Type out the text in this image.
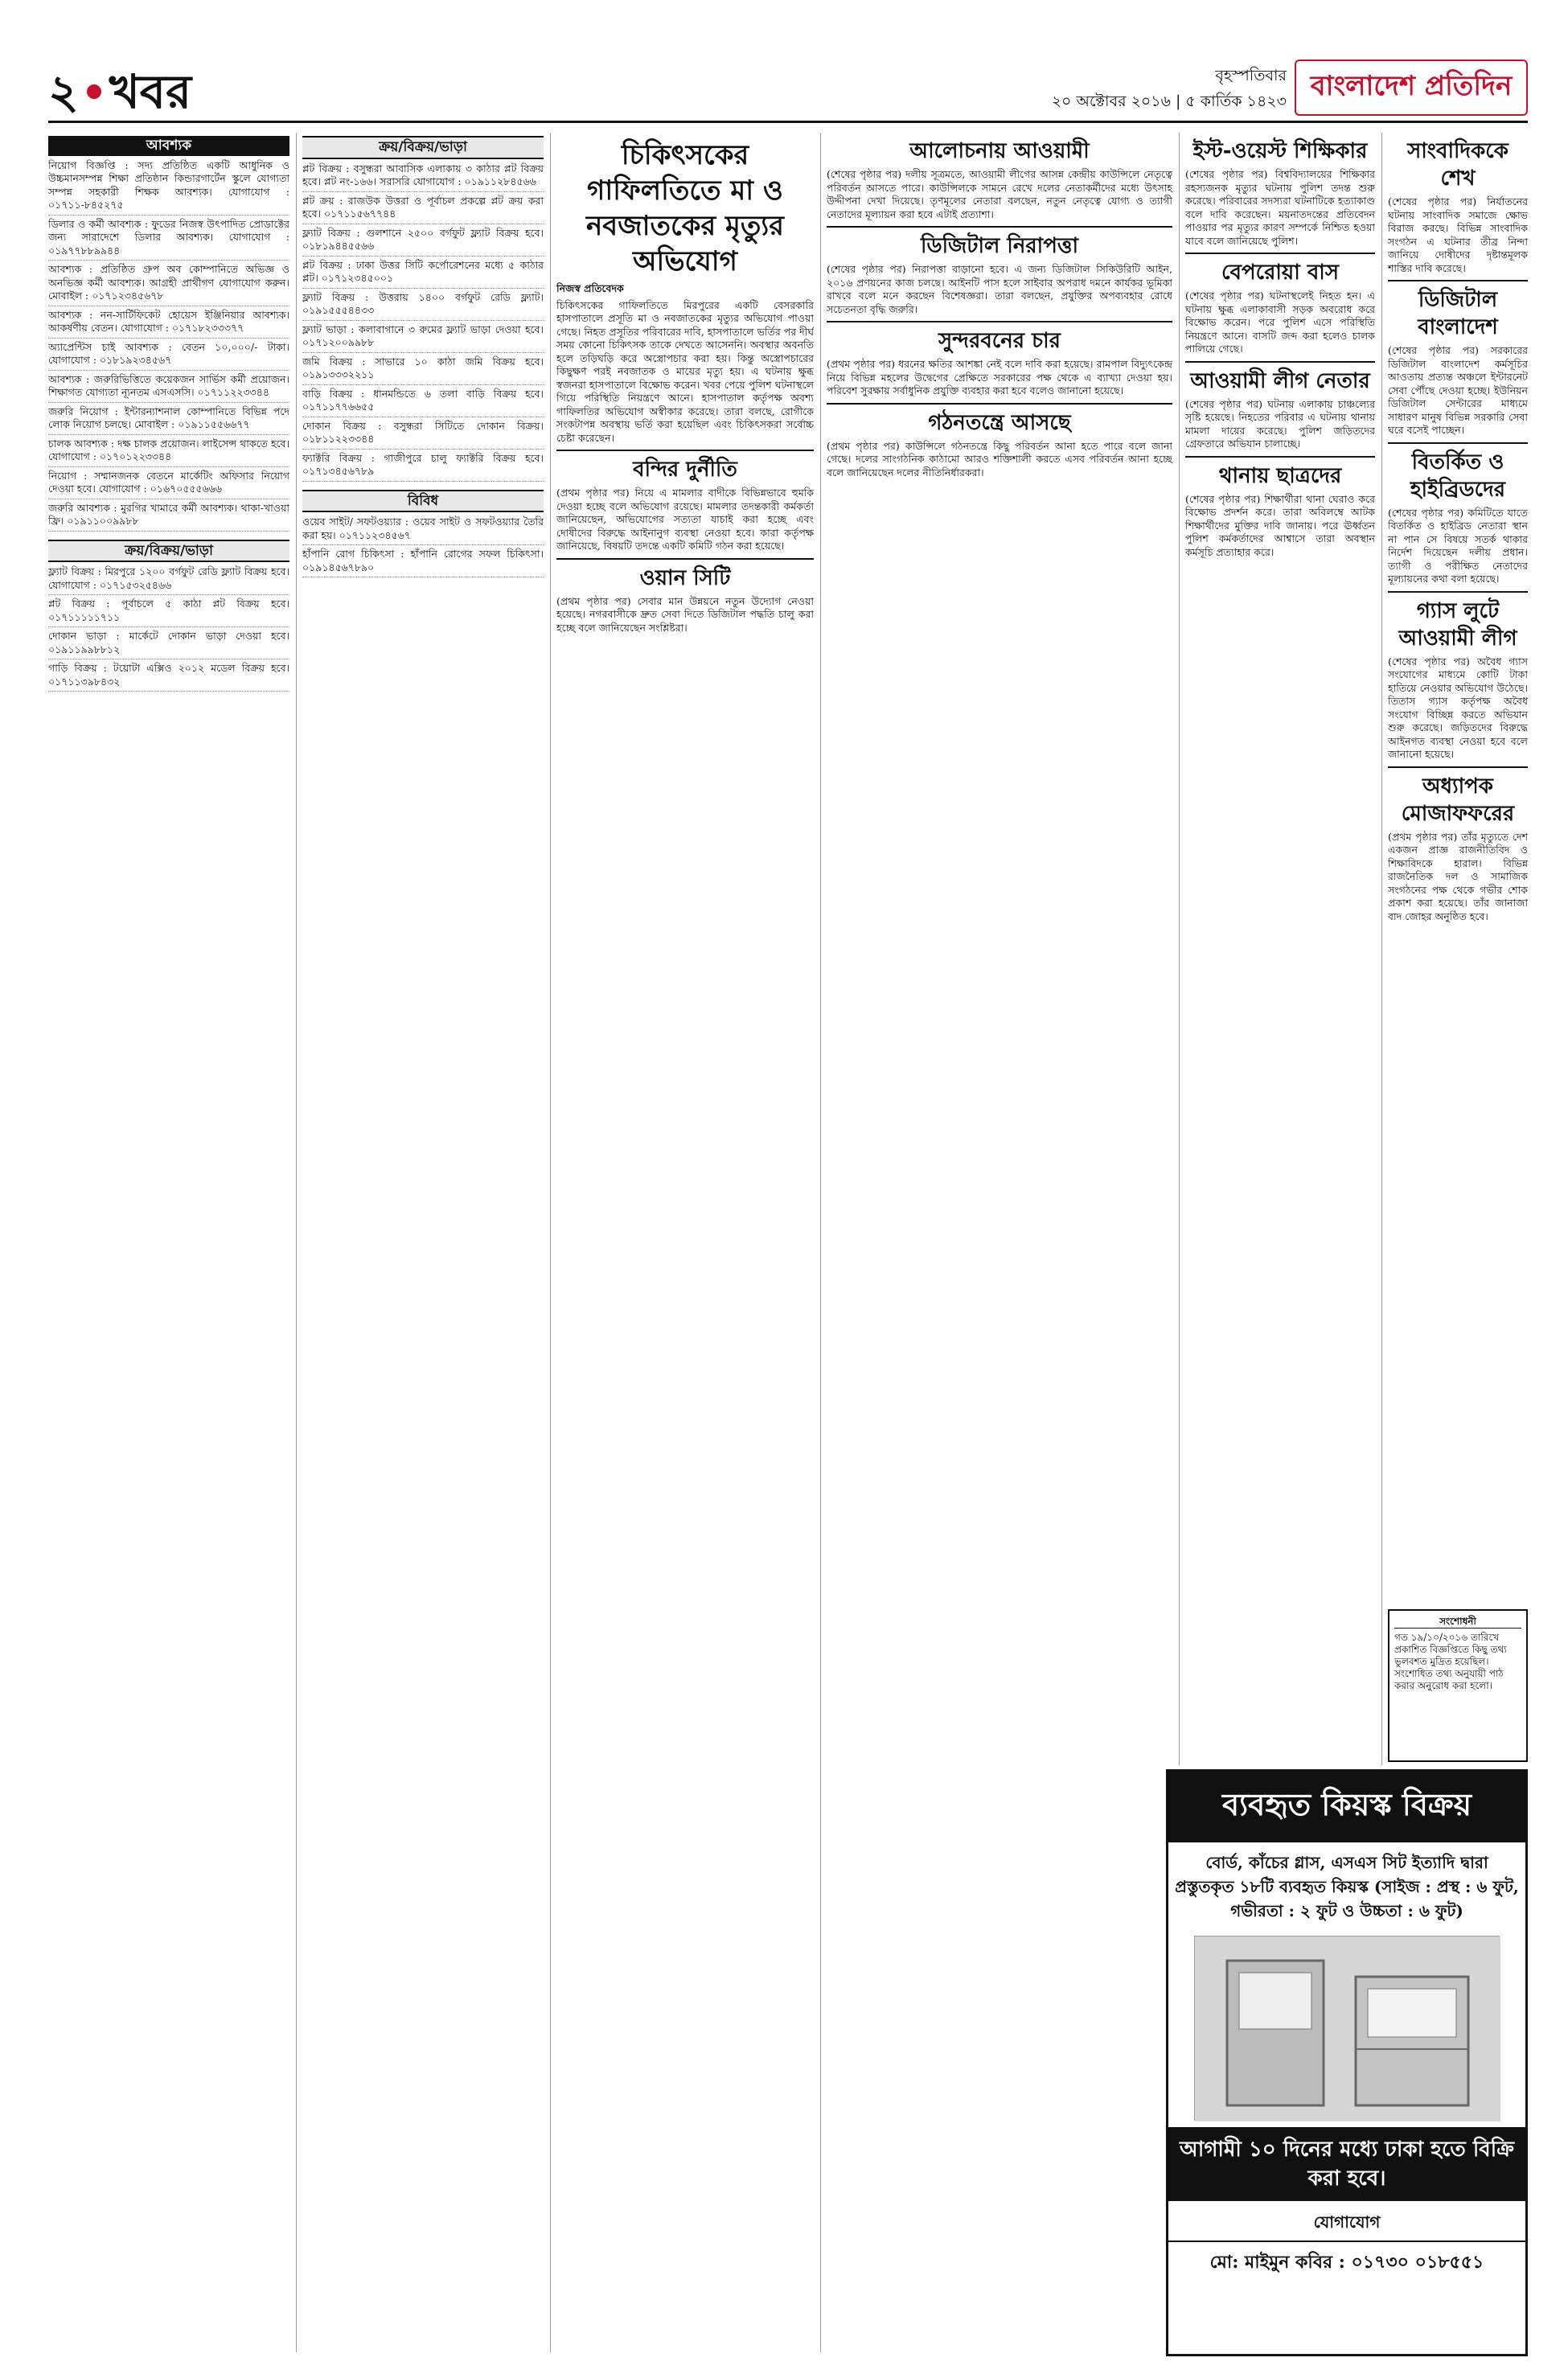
২ খবর	বৃহস্পতিবার
২০ অক্টোবর ২০১৬ | ৫ কার্তিক ১৪২৩ বাংলাদেশ প্রতিদিন
আবশ্যক

নিয়োগ বিজ্ঞপ্তি : সদ্য প্রতিষ্ঠিত একটি আধুনিক ও উচ্চমানসম্পন্ন শিক্ষা প্রতিষ্ঠান কিন্ডারগার্টেন স্কুলে যোগ্যতা সম্পন্ন সহকারী শিক্ষক আবশ্যক। যোগাযোগ : ০১৭১১-৮৪৫২৭৫

ডিলার ও কর্মী আবশ্যক : ফুডের নিজস্ব উৎপাদিত প্রোডাক্টের জন্য সারাদেশে ডিলার আবশ্যক। যোগাযোগ : ০১৯৭৭৮৮৯৯৪৪

আবশ্যক : প্রতিষ্ঠিত গ্রুপ অব কোম্পানিতে অভিজ্ঞ ও অনভিজ্ঞ কর্মী আবশ্যক। আগ্রহী প্রার্থীগণ যোগাযোগ করুন। মোবাইল : ০১৭১২৩৪৫৬৭৮

আবশ্যক : নন-সার্টিফিকেট হোয়েস ইঞ্জিনিয়ার আবশ্যক। আকর্ষণীয় বেতন। যোগাযোগ : ০১৭১৮২৩৩৩৭৭

অ্যাপ্রেন্টিস চাই আবশ্যক : বেতন ১০,০০০/- টাকা। যোগাযোগ : ০১৮১৯২৩৪৫৬৭

আবশ্যক : জরুরিভিত্তিতে কয়েকজন সার্ভিস কর্মী প্রয়োজন। শিক্ষাগত যোগ্যতা ন্যূনতম এসএসসি। ০১৭১১২২৩৩৪৪

জরুরি নিয়োগ : ইন্টারন্যাশনাল কোম্পানিতে বিভিন্ন পদে লোক নিয়োগ চলছে। মোবাইল : ০১৯১১৫৫৬৬৭৭

চালক আবশ্যক : দক্ষ চালক প্রয়োজন। লাইসেন্স থাকতে হবে। যোগাযোগ : ০১৭০১২২৩৩৪৪

নিয়োগ : সম্মানজনক বেতনে মার্কেটিং অফিসার নিয়োগ দেওয়া হবে। যোগাযোগ : ০১৬৭০৫৫৫৬৬৬

জরুরি আবশ্যক : মুরগির খামারে কর্মী আবশ্যক। থাকা-খাওয়া ফ্রি। ০১৯১১০০৯৯৮৮

ক্রয়/বিক্রয়/ভাড়া

ফ্ল্যাট বিক্রয় : মিরপুরে ১২০০ বর্গফুট রেডি ফ্ল্যাট বিক্রয় হবে। যোগাযোগ : ০১৭১৫৩২৫৪৬৬

প্লট বিক্রয় : পূর্বাচলে ৫ কাঠা প্লট বিক্রয় হবে। ০১৭১১১১১৭১১

দোকান ভাড়া : মার্কেটে দোকান ভাড়া দেওয়া হবে। ০১৯১১৯৯৮৮১২

গাড়ি বিক্রয় : টয়োটা এক্সিও ২০১২ মডেল বিক্রয় হবে। ০১৭১১৩৯৮৪৩২

ক্রয়/বিক্রয়/ভাড়া

প্লট বিক্রয় : বসুন্ধরা আবাসিক এলাকায় ৩ কাঠার প্লট বিক্রয় হবে। প্লট নং-১৬৬। সরাসরি যোগাযোগ : ০১৯১১২৮৪৫৬৬

প্লট ক্রয় : রাজউক উত্তরা ও পূর্বাচল প্রকল্পে প্লট ক্রয় করা হবে। ০১৭১১৫৬৭৭৪৪

ফ্ল্যাট বিক্রয় : গুলশানে ২৫০০ বর্গফুট ফ্ল্যাট বিক্রয় হবে। ০১৮১৯৪৪৫৫৬৬

প্লট বিক্রয় : ঢাকা উত্তর সিটি কর্পোরেশনের মধ্যে ৫ কাঠার প্লট। ০১৭১২৩৪৫০০১

ফ্ল্যাট বিক্রয় : উত্তরায় ১৪০০ বর্গফুট রেডি ফ্ল্যাট। ০১৯১৫৫৫৪৪৩৩

ফ্ল্যাট ভাড়া : কলাবাগানে ৩ রুমের ফ্ল্যাট ভাড়া দেওয়া হবে। ০১৭১২০০৯৯৮৮

জমি বিক্রয় : সাভারে ১০ কাঠা জমি বিক্রয় হবে। ০১৯১৩৩৩২২১১

বাড়ি বিক্রয় : ধানমন্ডিতে ৬ তলা বাড়ি বিক্রয় হবে। ০১৭১১৭৭৬৬৫৫

দোকান বিক্রয় : বসুন্ধরা সিটিতে দোকান বিক্রয়। ০১৮১১২২৩৩৪৪

ফ্যাক্টরি বিক্রয় : গাজীপুরে চালু ফ্যাক্টরি বিক্রয় হবে। ০১৭১৩৪৫৬৭৮৯

বিবিধ

ওয়েব সাইট/ সফটওয়্যার : ওয়েব সাইট ও সফটওয়্যার তৈরি করা হয়। ০১৭১১২৩৪৫৬৭

হাঁপানি রোগ চিকিৎসা : হাঁপানি রোগের সফল চিকিৎসা। ০১৯১৪৫৬৭৮৯০

চিকিৎসকের গাফিলতিতে মা ও নবজাতকের মৃত্যুর অভিযোগ
নিজস্ব প্রতিবেদক
চিকিৎসকের গাফিলতিতে মিরপুরের একটি বেসরকারি হাসপাতালে প্রসূতি মা ও নবজাতকের মৃত্যুর অভিযোগ পাওয়া গেছে। নিহত প্রসূতির পরিবারের দাবি, হাসপাতালে ভর্তির পর দীর্ঘ সময় কোনো চিকিৎসক তাকে দেখতে আসেননি। অবস্থার অবনতি হলে তড়িঘড়ি করে অস্ত্রোপচার করা হয়। কিন্তু অস্ত্রোপচারের কিছুক্ষণ পরই নবজাতক ও মায়ের মৃত্যু হয়। এ ঘটনায় ক্ষুব্ধ স্বজনরা হাসপাতালে বিক্ষোভ করেন। খবর পেয়ে পুলিশ ঘটনাস্থলে গিয়ে পরিস্থিতি নিয়ন্ত্রণে আনে। হাসপাতাল কর্তৃপক্ষ অবশ্য গাফিলতির অভিযোগ অস্বীকার করেছে। তারা বলছে, রোগীকে সংকটাপন্ন অবস্থায় ভর্তি করা হয়েছিল এবং চিকিৎসকরা সর্বোচ্চ চেষ্টা করেছেন।
বন্দির দুর্নীতি
(প্রথম পৃষ্ঠার পর) নিয়ে এ মামলার বাদীকে বিভিন্নভাবে হুমকি দেওয়া হচ্ছে বলে অভিযোগ রয়েছে। মামলার তদন্তকারী কর্মকর্তা জানিয়েছেন, অভিযোগের সত্যতা যাচাই করা হচ্ছে এবং দোষীদের বিরুদ্ধে আইনানুগ ব্যবস্থা নেওয়া হবে। কারা কর্তৃপক্ষ জানিয়েছে, বিষয়টি তদন্তে একটি কমিটি গঠন করা হয়েছে।
ওয়ান সিটি
(প্রথম পৃষ্ঠার পর) সেবার মান উন্নয়নে নতুন উদ্যোগ নেওয়া হয়েছে। নগরবাসীকে দ্রুত সেবা দিতে ডিজিটাল পদ্ধতি চালু করা হচ্ছে বলে জানিয়েছেন সংশ্লিষ্টরা।
আলোচনায় আওয়ামী
(শেষের পৃষ্ঠার পর) দলীয় সূত্রমতে, আওয়ামী লীগের আসন্ন কেন্দ্রীয় কাউন্সিলে নেতৃত্বে পরিবর্তন আসতে পারে। কাউন্সিলকে সামনে রেখে দলের নেতাকর্মীদের মধ্যে উৎসাহ উদ্দীপনা দেখা দিয়েছে। তৃণমূলের নেতারা বলছেন, নতুন নেতৃত্বে যোগ্য ও ত্যাগী নেতাদের মূল্যায়ন করা হবে এটাই প্রত্যাশা।
ডিজিটাল নিরাপত্তা
(শেষের পৃষ্ঠার পর) নিরাপত্তা বাড়ানো হবে। এ জন্য ডিজিটাল সিকিউরিটি আইন, ২০১৬ প্রণয়নের কাজ চলছে। আইনটি পাস হলে সাইবার অপরাধ দমনে কার্যকর ভূমিকা রাখবে বলে মনে করছেন বিশেষজ্ঞরা। তারা বলছেন, প্রযুক্তির অপব্যবহার রোধে সচেতনতা বৃদ্ধি জরুরি।
সুন্দরবনের চার
(প্রথম পৃষ্ঠার পর) ধরনের ক্ষতির আশঙ্কা নেই বলে দাবি করা হয়েছে। রামপাল বিদ্যুৎকেন্দ্র নিয়ে বিভিন্ন মহলের উদ্বেগের প্রেক্ষিতে সরকারের পক্ষ থেকে এ ব্যাখ্যা দেওয়া হয়। পরিবেশ সুরক্ষায় সর্বাধুনিক প্রযুক্তি ব্যবহার করা হবে বলেও জানানো হয়েছে।
গঠনতন্ত্রে আসছে
(প্রথম পৃষ্ঠার পর) কাউন্সিলে গঠনতন্ত্রে কিছু পরিবর্তন আনা হতে পারে বলে জানা গেছে। দলের সাংগঠনিক কাঠামো আরও শক্তিশালী করতে এসব পরিবর্তন আনা হচ্ছে বলে জানিয়েছেন দলের নীতিনির্ধারকরা।
ইস্ট-ওয়েস্ট শিক্ষিকার
(শেষের পৃষ্ঠার পর) বিশ্ববিদ্যালয়ের শিক্ষিকার রহস্যজনক মৃত্যুর ঘটনায় পুলিশ তদন্ত শুরু করেছে। পরিবারের সদস্যরা ঘটনাটিকে হত্যাকাণ্ড বলে দাবি করেছেন। ময়নাতদন্তের প্রতিবেদন পাওয়ার পর মৃত্যুর কারণ সম্পর্কে নিশ্চিত হওয়া যাবে বলে জানিয়েছে পুলিশ।
বেপরোয়া বাস
(শেষের পৃষ্ঠার পর) ঘটনাস্থলেই নিহত হন। এ ঘটনায় ক্ষুব্ধ এলাকাবাসী সড়ক অবরোধ করে বিক্ষোভ করেন। পরে পুলিশ এসে পরিস্থিতি নিয়ন্ত্রণে আনে। বাসটি জব্দ করা হলেও চালক পালিয়ে গেছে।
আওয়ামী লীগ নেতার
(শেষের পৃষ্ঠার পর) ঘটনায় এলাকায় চাঞ্চল্যের সৃষ্টি হয়েছে। নিহতের পরিবার এ ঘটনায় থানায় মামলা দায়ের করেছে। পুলিশ জড়িতদের গ্রেফতারে অভিযান চালাচ্ছে।
থানায় ছাত্রদের
(শেষের পৃষ্ঠার পর) শিক্ষার্থীরা থানা ঘেরাও করে বিক্ষোভ প্রদর্শন করে। তারা অবিলম্বে আটক শিক্ষার্থীদের মুক্তির দাবি জানায়। পরে ঊর্ধ্বতন পুলিশ কর্মকর্তাদের আশ্বাসে তারা অবস্থান কর্মসূচি প্রত্যাহার করে।
সাংবাদিককে শেখ
(শেষের পৃষ্ঠার পর) নির্যাতনের ঘটনায় সাংবাদিক সমাজে ক্ষোভ বিরাজ করছে। বিভিন্ন সাংবাদিক সংগঠন এ ঘটনার তীব্র নিন্দা জানিয়ে দোষীদের দৃষ্টান্তমূলক শাস্তির দাবি করেছে।
ডিজিটাল বাংলাদেশ
(শেষের পৃষ্ঠার পর) সরকারের ডিজিটাল বাংলাদেশ কর্মসূচির আওতায় প্রত্যন্ত অঞ্চলে ইন্টারনেট সেবা পৌঁছে দেওয়া হচ্ছে। ইউনিয়ন ডিজিটাল সেন্টারের মাধ্যমে সাধারণ মানুষ বিভিন্ন সরকারি সেবা ঘরে বসেই পাচ্ছেন।
বিতর্কিত ও হাইব্রিডদের
(শেষের পৃষ্ঠার পর) কমিটিতে যাতে বিতর্কিত ও হাইব্রিড নেতারা স্থান না পান সে বিষয়ে সতর্ক থাকার নির্দেশ দিয়েছেন দলীয় প্রধান। ত্যাগী ও পরীক্ষিত নেতাদের মূল্যায়নের কথা বলা হয়েছে।
গ্যাস লুটে আওয়ামী লীগ
(শেষের পৃষ্ঠার পর) অবৈধ গ্যাস সংযোগের মাধ্যমে কোটি টাকা হাতিয়ে নেওয়ার অভিযোগ উঠেছে। তিতাস গ্যাস কর্তৃপক্ষ অবৈধ সংযোগ বিচ্ছিন্ন করতে অভিযান শুরু করেছে। জড়িতদের বিরুদ্ধে আইনগত ব্যবস্থা নেওয়া হবে বলে জানানো হয়েছে।
অধ্যাপক মোজাফফরের
(প্রথম পৃষ্ঠার পর) তাঁর মৃত্যুতে দেশ একজন প্রাজ্ঞ রাজনীতিবিদ ও শিক্ষাবিদকে হারাল। বিভিন্ন রাজনৈতিক দল ও সামাজিক সংগঠনের পক্ষ থেকে গভীর শোক প্রকাশ করা হয়েছে। তাঁর জানাজা বাদ জোহর অনুষ্ঠিত হবে।
সংশোধনী
গত ১৯/১০/২০১৬ তারিখে প্রকাশিত বিজ্ঞপ্তিতে কিছু তথ্য ভুলবশত মুদ্রিত হয়েছিল। সংশোধিত তথ্য অনুযায়ী পাঠ করার অনুরোধ করা হলো।
ব্যবহৃত কিয়স্ক বিক্রয়
বোর্ড, কাঁচের গ্লাস, এসএস সিট ইত্যাদি দ্বারা প্রস্তুতকৃত ১৮টি ব্যবহৃত কিয়স্ক (সাইজ : প্রস্থ : ৬ ফুট, গভীরতা : ২ ফুট ও উচ্চতা : ৬ ফুট)
আগামী ১০ দিনের মধ্যে ঢাকা হতে বিক্রি করা হবে।
যোগাযোগ
মো: মাইমুন কবির : ০১৭৩০ ০১৮৫৫১
